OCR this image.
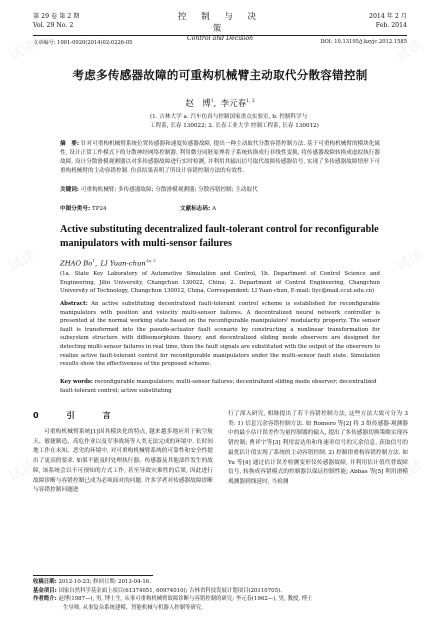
第 29 卷 第 2 期
Vol. 29 No. 2
控 制 与 决 策
Control and Decision
2014 年 2 月
Feb. 2014
文章编号: 1001-0920(2014)02-0226-05	DOI: 10.13195/j.kzyjc.2012.1585
考虑多传感器故障的可重构机械臂主动取代分散容错控制
赵  博$^1$, 李元春$^{1, 2}$
(1. 吉林大学 a. 汽车仿真与控制国家重点实验室, b. 控制科学与
工程系, 长春 130022; 2. 长春工业大学 控制工程系, 长春 130012)
摘　要: 针对可重构机械臂系统位置传感器和速度传感器故障, 提出一种主动取代分散容错控制方法. 基于可重构机械臂的模块化属性, 设计正常工作模式下的分散神经网络控制器. 利用微分同胚原理将子系统转换成行非线性变换, 将传感器故障转换成虚拟执行器故障, 设计分散滑模观测器以对多传感器故障进行实时检测, 并利用其输出信号取代故障传感器信号, 实现了多传感器故障情形下可重构机械臂的主动容错控制. 仿真结果表明了所设计容错控制方法的有效性.
关键词: 可重构机械臂; 多传感器故障; 分散滑模观测器; 分散容错控制; 主动取代
中图分类号: TP24	文献标志码: A
Active substituting decentralized fault-tolerant control for reconfigurable manipulators with multi-sensor failures
ZHAO Bo$^1$, LI Yuan-chun$^{1a, 2}$
(1a. State Key Laboratory of Automotive Simulation and Control, 1b. Department of Control Science and Engineering, Jilin University, Changchun 130022, China; 2. Department of Control Engineering, Changchun University of Technology, Changchun 130012, China. Correspondent: LI Yuan-chun, E-mail: liyc@mail.ccut.edu.cn)
Abstract: An active substituting decentralized fault-tolerant control scheme is established for reconfigurable manipulators with position and velocity multi-sensor failures. A decentralized neural network controller is presented at the normal working state based on the reconfigurable manipulators' modularity property. The sensor fault is transformed into the pseudo-actuator fault scenario by constructing a nonlinear transformation for subsystem structure with diffeomorphism theory, and decentralized sliding mode observers are designed for detecting multi-sensor failures in real time, then the fault signals are substituted with the output of the observers to realize active fault-tolerant control for reconfigurable manipulators under the multi-sensor fault state. Simulation results show the effectiveness of the proposed scheme.
Key words: reconfigurable manipulators; multi-sensor failures; decentralized sliding mode observer; decentralized fault-tolerant control; active substituting
0　引　言
可重构机械臂系统[1]因其模块化的特点, 越来越多地应用于航空航天、敏捷制造、高危作业以及军事战场等人类无法完成的环境中. 长时间地工作在未知、恶劣的环境中, 对可重构机械臂系统的可靠性和安全性提出了更高的要求. 如果不能及时处理执行器、传感器及其他部件发生的故障, 该系统会以不可预知的方式工作, 甚至导致灾难性的后果, 因此进行故障诊断与容错控制已成为必须面对的问题. 许多学者对传感器故障诊断与容错控制问题进
行了深入研究, 相继提出了若干容错控制方法, 这些方法大致可分为 3 类: 1) 信息冗余容错控制方法. 如 Romero 等[2] 将 3 组传感器-观测器中的最小估计误差作为量控制器的输入, 提出了多传感器切换策略实现容错控制; 曹祥宇等[3] 利用雷达角和角速率信号的冗余信息, 获取信号的最优估计值实现了系统的主动容错控制. 2) 控制律重构容错控制方法. 如 Yu 等[4] 通过估计误差检测变形仪传感器故障, 并利用估计值代替故障信号, 转换成容错模式的控制器以保证控制性能; Abbas 等[5] 利用滑模观测器到线延时, 当检测
收稿日期: 2012-10-23; 修回日期: 2013-04-16.
基金项目: 国家自然科学基金面上项目(61374051, 60974010); 吉林省科技发展计划项目(20110705).
作者简介: 赵博(1987—), 男, 博士生, 从事可重构机械臂故障诊断与容错控制的研究; 李元春(1962—), 男, 教授, 博士
生导师, 从事复杂系统建模、智能机械与机器人控制等研究.
试读	试读
试读	试读
试读	试读
